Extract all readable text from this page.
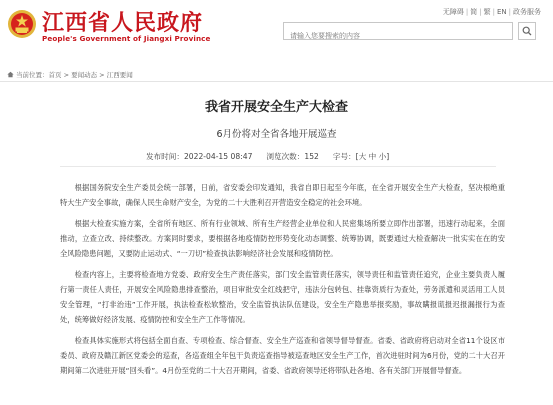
江西省人民政府
People's Government of Jiangxi Province
无障碍 | 简 | 繁 | EN | 政务服务
请输入您要搜索的内容
当前位置：首页 > 要闻动态 > 江西要闻
我省开展安全生产大检查
6月份将对全省各地开展巡查
发布时间：2022-04-15 08:47 浏览次数：152 字号：[大 中 小]

根据国务院安全生产委员会统一部署，日前，省安委会印发通知，我省自即日起至今年底，在全省开展安全生产大检查，坚决根绝重特大生产安全事故，确保人民生命财产安全，为党的二十大胜利召开营造安全稳定的社会环境。

根据大检查实施方案，全省所有地区、所有行业领域、所有生产经营企业单位和人民密集场所要立即作出部署，迅速行动起来，全面推动，立查立改、持续整改。方案同时要求，要根据各地疫情防控形势变化动态调整、统筹协调，既要通过大检查解决一批实实在在的安全风险隐患问题，又要防止运动式、“一刀切”检查执法影响经济社会发展和疫情防控。

检查内容上，主要将检查地方党委、政府安全生产责任落实，部门安全监管责任落实，领导责任和监管责任追究，企业主要负责人履行第一责任人责任，开展安全风险隐患排查整治，项目审批安全红线把守，违法分包转包、挂靠资质行为查处，劳务派遣和灵活用工人员安全管理，“打非治违”工作开展，执法检查松软整治，安全监管执法队伍建设，安全生产隐患举报奖励，事故瞒报谎报迟报漏报行为查处，统筹做好经济发展、疫情防控和安全生产工作等情况。

检查具体实施形式将包括全面自查、专项检查、综合督查、安全生产巡查和省领导督导督查。省委、省政府将启动对全省11个设区市委员、政府及赣江新区党委会的巡查，各巡查组全年包干负责巡查指导被巡查地区安全生产工作，首次进驻时间为6月份，党的二十大召开期间第二次进驻开展“回头看”。4月份至党的二十大召开期间，省委、省政府领导还将带队赴各地、各有关部门开展督导督查。
